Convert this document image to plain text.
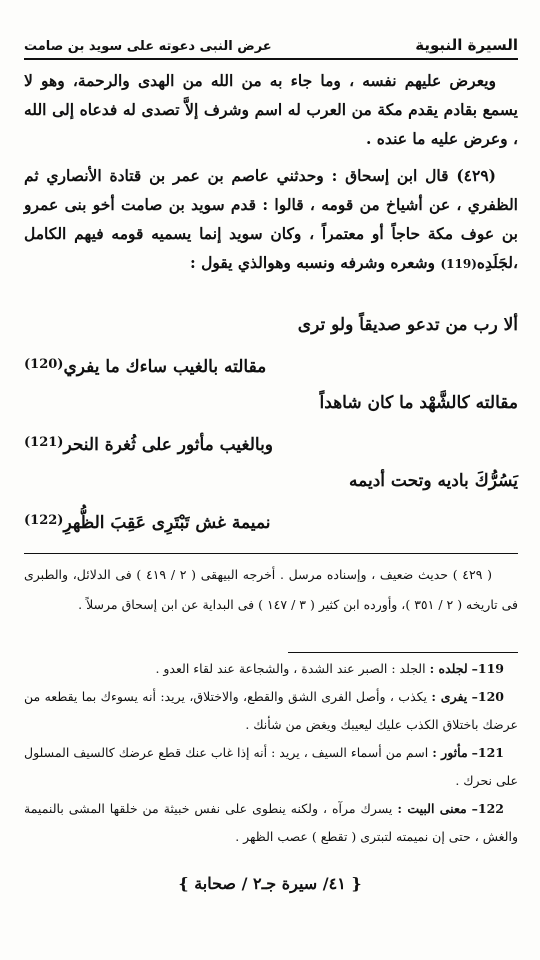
السيرة النبوية
عرض النبى دعوته على سويد بن صامت

ويعرض عليهم نفسه ، وما جاء به من الله من الهدى والرحمة، وهو لا يسمع بقادم يقدم مكة من العرب له اسم وشرف إلاَّ تصدى له فدعاه إلى الله ، وعرض عليه ما عنده .

(٤٢٩) قال ابن إسحاق : وحدثني عاصم بن عمر بن قتادة الأنصاري ثم الظفري ، عن أشياخ من قومه ، قالوا : قدم سويد بن صامت أخو بنى عمرو بن عوف مكة حاجاً أو معتمراً ، وكان سويد إنما يسميه قومه فيهم الكامل ،لجَلَدِه(119) وشعره وشرفه ونسبه وهوالذي يقول :

ألا رب من تدعو صديقاً ولو ترى
مقالته بالغيب ساءك ما يفري$^{(120)}$
مقالته كالشَّهْد ما كان شاهداً
وبالغيب مأثور على ثُغرة النحر$^{(121)}$
يَسُرُّكَ باديه وتحت أديمه
نميمة غش تَبْتَرِى عَقِبَ الظُّهرِ$^{(122)}$

( ٤٢٩ ) حديث ضعيف ، وإسناده مرسل . أخرجه البيهقى ( ٢ / ٤١٩ ) فى الدلائل، والطبرى فى تاريخه ( ٢ / ٣٥١ )، وأورده ابن كثير ( ٣ / ١٤٧ ) فى البداية عن ابن إسحاق مرسلاً .

119– لجلده : الجلد : الصبر عند الشدة ، والشجاعة عند لقاء العدو .

120– يفرى : يكذب ، وأصل الفرى الشق والقطع، والاختلاق، يريد: أنه يسوءك بما يقطعه من عرضك باختلاق الكذب عليك ليعيبك ويغض من شأنك .

121– مأثور : اسم من أسماء السيف ، يريد : أنه إذا غاب عنك قطع عرضك كالسيف المسلول على نحرك .

122– معنى البيت : يسرك مرآه ، ولكنه ينطوى على نفس خبيثة من خلقها المشى بالنميمة والغش ، حتى إن نميمته لتبترى ( تقطع ) عصب الظهر .

{ ٤١/ سيرة جـ٢ / صحابة }
